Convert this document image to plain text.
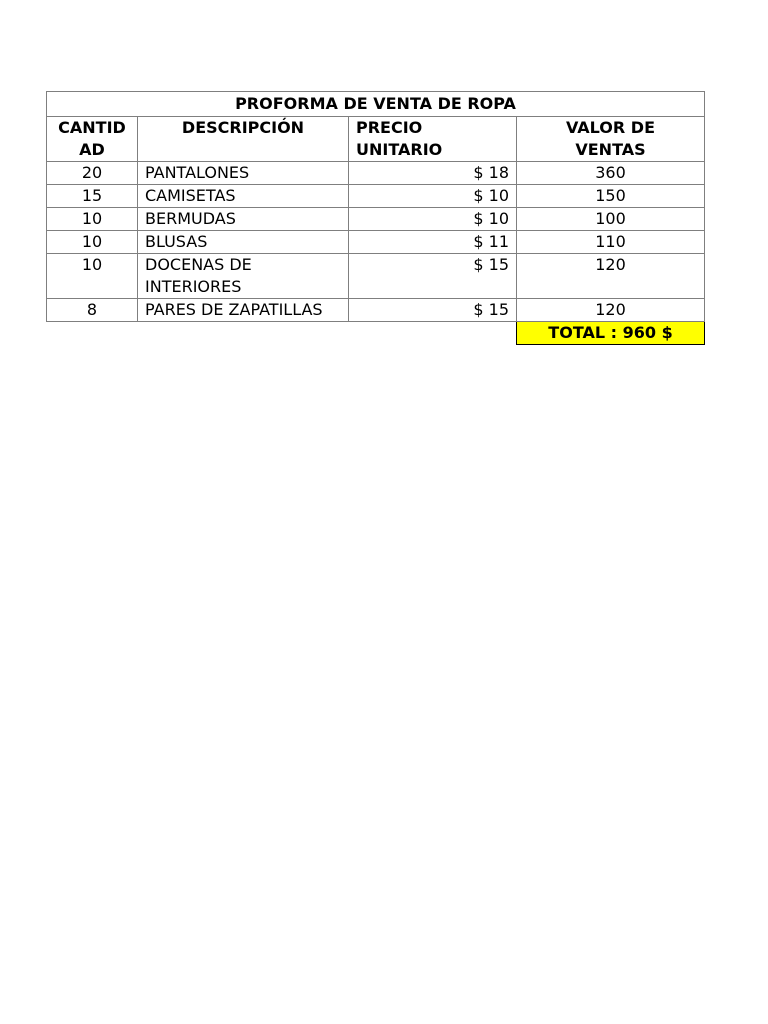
PROFORMA DE VENTA DE ROPA			
CANTIDAD	DESCRIPCIÓN	PRECIO UNITARIO	VALOR DE VENTAS
20	PANTALONES	$ 18	360
15	CAMISETAS	$ 10	150
10	BERMUDAS	$ 10	100
10	BLUSAS	$ 11	110
10	DOCENAS DE INTERIORES	$ 15	120
8	PARES DE ZAPATILLAS	$ 15	120
			TOTAL : 960 $
